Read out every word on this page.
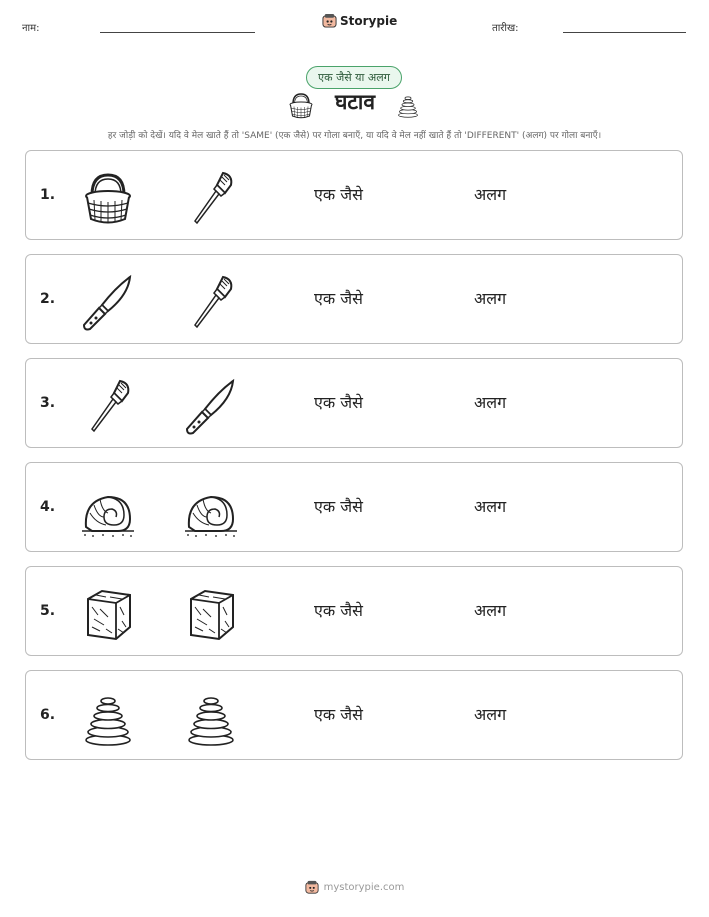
नाम:
Storypie
तारीख:
एक जैसे या अलग
घटाव
हर जोड़ी को देखें। यदि वे मेल खाते हैं तो 'SAME' (एक जैसे) पर गोला बनाएँ, या यदि वे मेल नहीं खाते हैं तो 'DIFFERENT' (अलग) पर गोला बनाएँ।
1.	एक जैसे	अलग
2.	एक जैसे	अलग
3.	एक जैसे	अलग
4.	एक जैसे	अलग
5.	एक जैसे	अलग
6.	एक जैसे	अलग
mystorypie.com
